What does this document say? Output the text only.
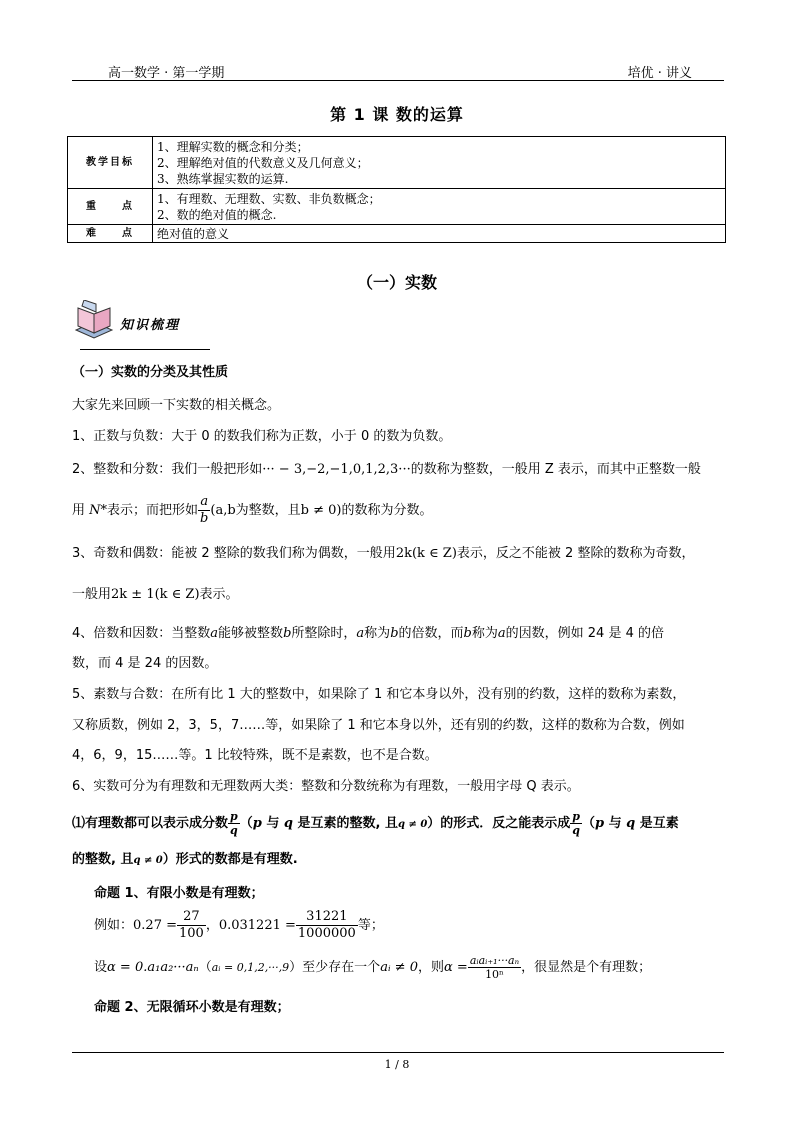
高一数学 · 第一学期	培优 · 讲义
第 1 课 数的运算
教学目标	1、理解实数的概念和分类；
2、理解绝对值的代数意义及几何意义；
3、熟练掌握实数的运算.

重　　点	1、有理数、无理数、实数、非负数概念；
2、数的绝对值的概念.

难　　点	绝对值的意义
（一）实数
知识梳理
（一）实数的分类及其性质
大家先来回顾一下实数的相关概念。
1、正数与负数：大于 0 的数我们称为正数，小于 0 的数为负数。
2、整数和分数：我们一般把形如··· − 3,−2,−1,0,1,2,3···的数称为整数，一般用 Z 表示，而其中正整数一般
用 N*表示；而把形如 $\frac{a}{b} (a,b$为整数，且b ≠ 0)的数称为分数。
3、奇数和偶数：能被 2 整除的数我们称为偶数，一般用2k(k ∈ Z)表示，反之不能被 2 整除的数称为奇数，
一般用2k ± 1(k ∈ Z)表示。
4、倍数和因数：当整数a能够被整数b所整除时，a称为b的倍数，而b称为a的因数，例如 24 是 4 的倍
数，而 4 是 24 的因数。
5、素数与合数：在所有比 1 大的整数中，如果除了 1 和它本身以外，没有别的约数，这样的数称为素数，
又称质数，例如 2，3，5，7……等，如果除了 1 和它本身以外，还有别的约数，这样的数称为合数，例如
4，6，9，15……等。1 比较特殊，既不是素数，也不是合数。
6、实数可分为有理数和无理数两大类：整数和分数统称为有理数，一般用字母 Q 表示。
⑴有理数都可以表示成分数 $\frac{p}{q} (p$ 与 q 是互素的整数, 且q ≠ 0）的形式．反之能表示成 $\frac{p}{q} (p$ 与 q 是互素
的整数, 且q ≠ 0）形式的数都是有理数.
命题 1、有限小数是有理数；
例如：$0.27 = \frac{27}{100}$ ，$0.031221 = \frac{31221}{1000000}$ 等；
设α = 0.a₁a₂···aₙ（aᵢ = 0,1,2,···,9）至少存在一个aᵢ ≠ 0，则$\alpha = \frac{\text{aᵢaᵢ₊₁···aₙ}}{\text{10ⁿ}}$ ，很显然是个有理数；
命题 2、无限循环小数是有理数；
1 / 8
